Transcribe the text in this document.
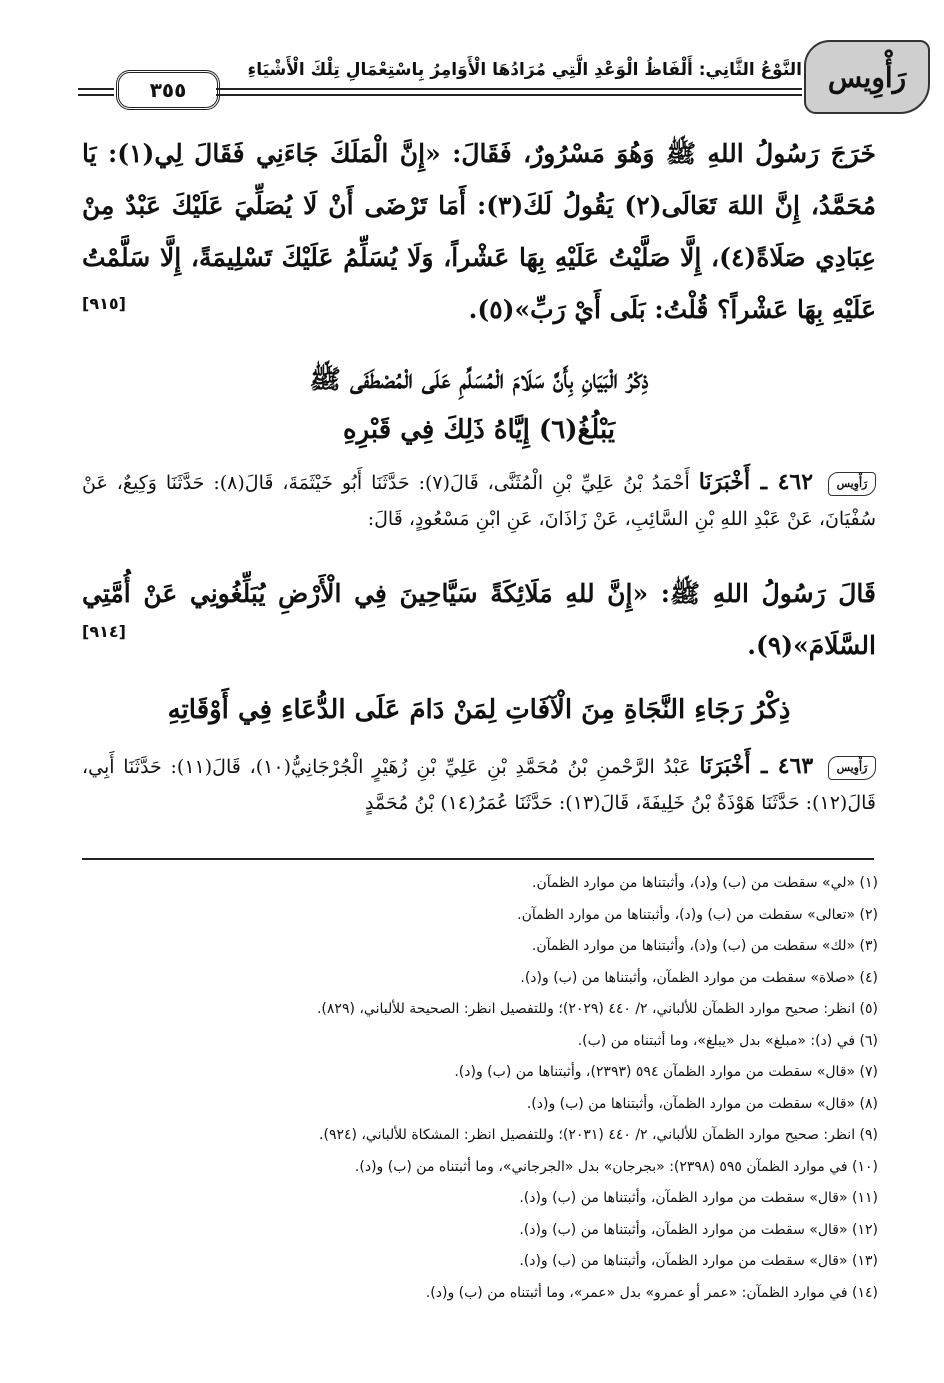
رَأْوِيس
النَّوْعُ الثَّانِي: أَلْفَاظُ الْوَعْدِ الَّتِي مُرَادُهَا الْأَوَامِرُ بِاسْتِعْمَالِ تِلْكَ الْأَشْيَاءِ
٣٥٥
خَرَجَ رَسُولُ اللهِ ﷺ وَهُوَ مَسْرُورٌ، فَقَالَ: «إِنَّ الْمَلَكَ جَاءَنِي فَقَالَ لِي(١): يَا مُحَمَّدُ، إِنَّ اللهَ تَعَالَى(٢) يَقُولُ لَكَ(٣): أَمَا تَرْضَى أَنْ لَا يُصَلِّيَ عَلَيْكَ عَبْدٌ مِنْ عِبَادِي صَلَاةً(٤)، إِلَّا صَلَّيْتُ عَلَيْهِ بِهَا عَشْراً، وَلَا يُسَلِّمُ عَلَيْكَ تَسْلِيمَةً، إِلَّا سَلَّمْتُ عَلَيْهِ بِهَا عَشْراً؟ قُلْتُ: بَلَى أَيْ رَبِّ»(٥).
[٩١٥]
ذِكْرُ الْبَيَانِ بِأَنَّ سَلَامَ الْمُسَلِّمِ عَلَى الْمُصْطَفَى ﷺ
يَبْلُغُ(٦) إِيَّاهُ ذَلِكَ فِي قَبْرِهِ
رَأْوِيس ٤٦٢ ـ أَخْبَرَنَا أَحْمَدُ بْنُ عَلِيِّ بْنِ الْمُثَنَّى، قَالَ(٧): حَدَّثَنَا أَبُو خَيْثَمَةَ، قَالَ(٨): حَدَّثَنَا وَكِيعٌ، عَنْ سُفْيَانَ، عَنْ عَبْدِ اللهِ بْنِ السَّائِبِ، عَنْ زَاذَانَ، عَنِ ابْنِ مَسْعُودٍ، قَالَ:
قَالَ رَسُولُ اللهِ ﷺ: «إِنَّ للهِ مَلَائِكَةً سَيَّاحِينَ فِي الْأَرْضِ يُبَلِّغُونِي عَنْ أُمَّتِي السَّلَامَ»(٩).
[٩١٤]
ذِكْرُ رَجَاءِ النَّجَاةِ مِنَ الْآفَاتِ لِمَنْ دَامَ عَلَى الدُّعَاءِ فِي أَوْقَاتِهِ
رَأْوِيس ٤٦٣ ـ أَخْبَرَنَا عَبْدُ الرَّحْمنِ بْنُ مُحَمَّدِ بْنِ عَلِيِّ بْنِ زُهَيْرٍ الْجُرْجَانِيُّ(١٠)، قَالَ(١١): حَدَّثَنَا أَبِي، قَالَ(١٢): حَدَّثَنَا هَوْذَةُ بْنُ خَلِيفَةَ، قَالَ(١٣): حَدَّثَنَا عُمَرُ(١٤) بْنُ مُحَمَّدٍ
(١) «لي» سقطت من (ب) و(د)، وأثبتناها من موارد الظمآن.
(٢) «تعالى» سقطت من (ب) و(د)، وأثبتناها من موارد الظمآن.
(٣) «لك» سقطت من (ب) و(د)، وأثبتناها من موارد الظمآن.
(٤) «صلاة» سقطت من موارد الظمآن، وأثبتناها من (ب) و(د).
(٥) انظر: صحيح موارد الظمآن للألباني، ٢/ ٤٤٠ (٢٠٢٩)؛ وللتفصيل انظر: الصحيحة للألباني، (٨٢٩).
(٦) في (د): «مبلغ» بدل «يبلغ»، وما أثبتناه من (ب).
(٧) «قال» سقطت من موارد الظمآن ٥٩٤ (٢٣٩٣)، وأثبتناها من (ب) و(د).
(٨) «قال» سقطت من موارد الظمآن، وأثبتناها من (ب) و(د).
(٩) انظر: صحيح موارد الظمآن للألباني، ٢/ ٤٤٠ (٢٠٣١)؛ وللتفصيل انظر: المشكاة للألباني، (٩٢٤).
(١٠) في موارد الظمآن ٥٩٥ (٢٣٩٨): «بجرجان» بدل «الجرجاني»، وما أثبتناه من (ب) و(د).
(١١) «قال» سقطت من موارد الظمآن، وأثبتناها من (ب) و(د).
(١٢) «قال» سقطت من موارد الظمآن، وأثبتناها من (ب) و(د).
(١٣) «قال» سقطت من موارد الظمآن، وأثبتناها من (ب) و(د).
(١٤) في موارد الظمآن: «عمر أو عمرو» بدل «عمر»، وما أثبتناه من (ب) و(د).
